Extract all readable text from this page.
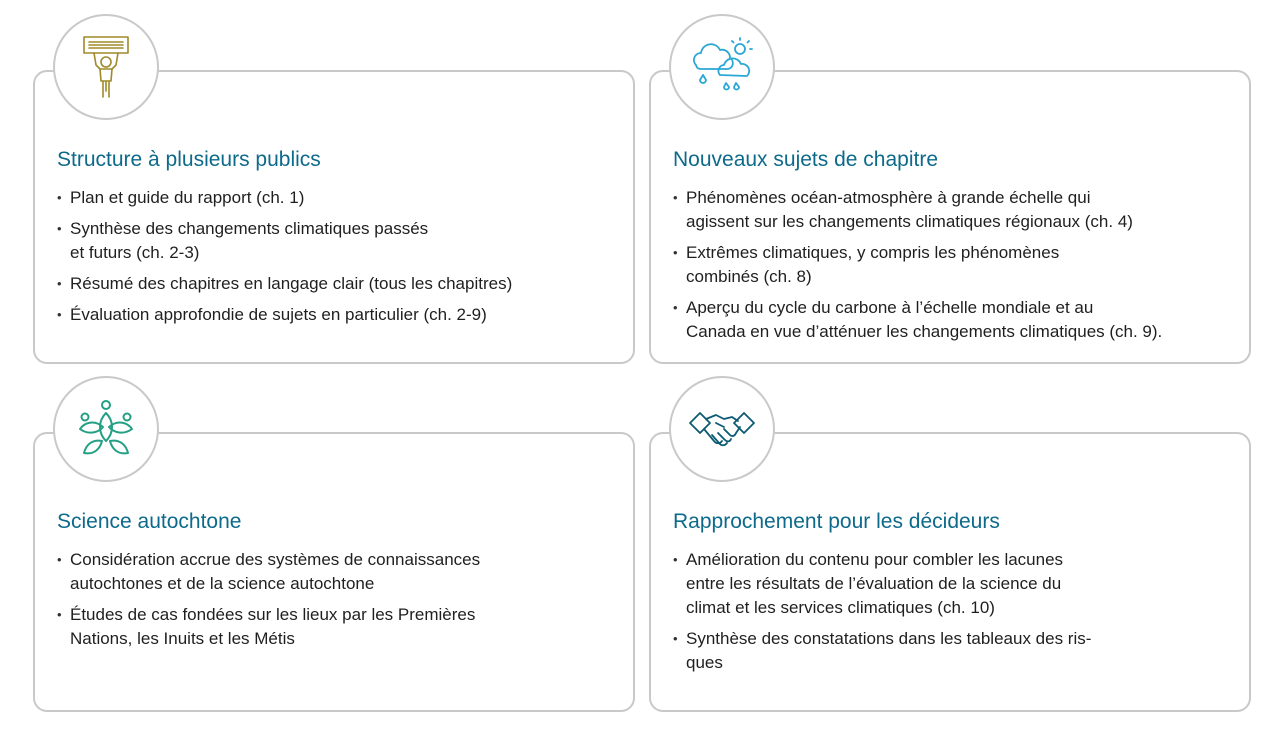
Structure à plusieurs publics
• Plan et guide du rapport (ch. 1)
• Synthèse des changements climatiques passés
et futurs (ch. 2-3)
• Résumé des chapitres en langage clair (tous les chapitres)
• Évaluation approfondie de sujets en particulier (ch. 2-9)
Nouveaux sujets de chapitre
• Phénomènes océan-atmosphère à grande échelle qui
agissent sur les changements climatiques régionaux (ch. 4)
• Extrêmes climatiques, y compris les phénomènes
combinés (ch. 8)
• Aperçu du cycle du carbone à l’échelle mondiale et au
Canada en vue d’atténuer les changements climatiques (ch. 9).
Science autochtone
• Considération accrue des systèmes de connaissances
autochtones et de la science autochtone
• Études de cas fondées sur les lieux par les Premières
Nations, les Inuits et les Métis
Rapprochement pour les décideurs
• Amélioration du contenu pour combler les lacunes
entre les résultats de l’évaluation de la science du
climat et les services climatiques (ch. 10)
• Synthèse des constatations dans les tableaux des ris-
ques
